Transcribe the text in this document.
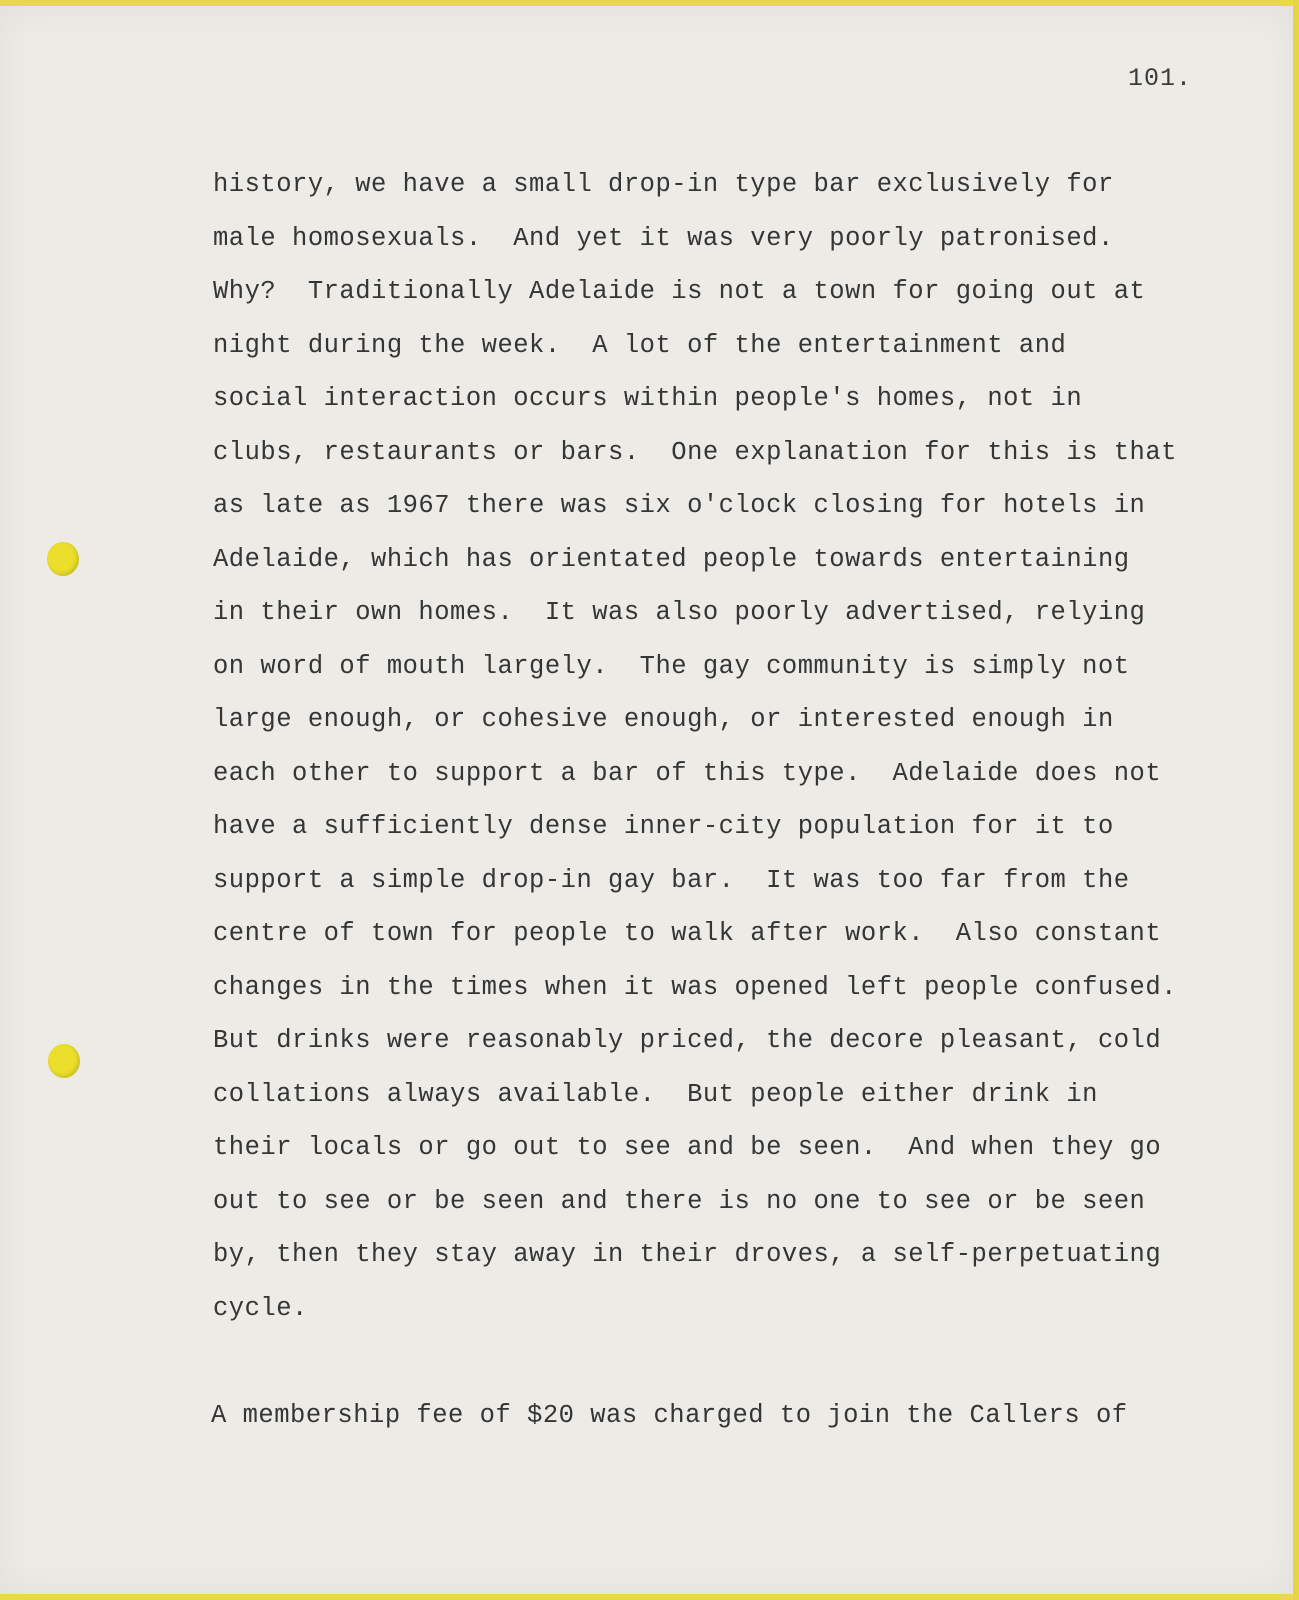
101.
history, we have a small drop-in type bar exclusively for
male homosexuals.  And yet it was very poorly patronised.
Why?  Traditionally Adelaide is not a town for going out at
night during the week.  A lot of the entertainment and
social interaction occurs within people's homes, not in
clubs, restaurants or bars.  One explanation for this is that
as late as 1967 there was six o'clock closing for hotels in
Adelaide, which has orientated people towards entertaining
in their own homes.  It was also poorly advertised, relying
on word of mouth largely.  The gay community is simply not
large enough, or cohesive enough, or interested enough in
each other to support a bar of this type.  Adelaide does not
have a sufficiently dense inner-city population for it to
support a simple drop-in gay bar.  It was too far from the
centre of town for people to walk after work.  Also constant
changes in the times when it was opened left people confused.
But drinks were reasonably priced, the decore pleasant, cold
collations always available.  But people either drink in
their locals or go out to see and be seen.  And when they go
out to see or be seen and there is no one to see or be seen
by, then they stay away in their droves, a self-perpetuating
cycle.
A membership fee of $20 was charged to join the Callers of
